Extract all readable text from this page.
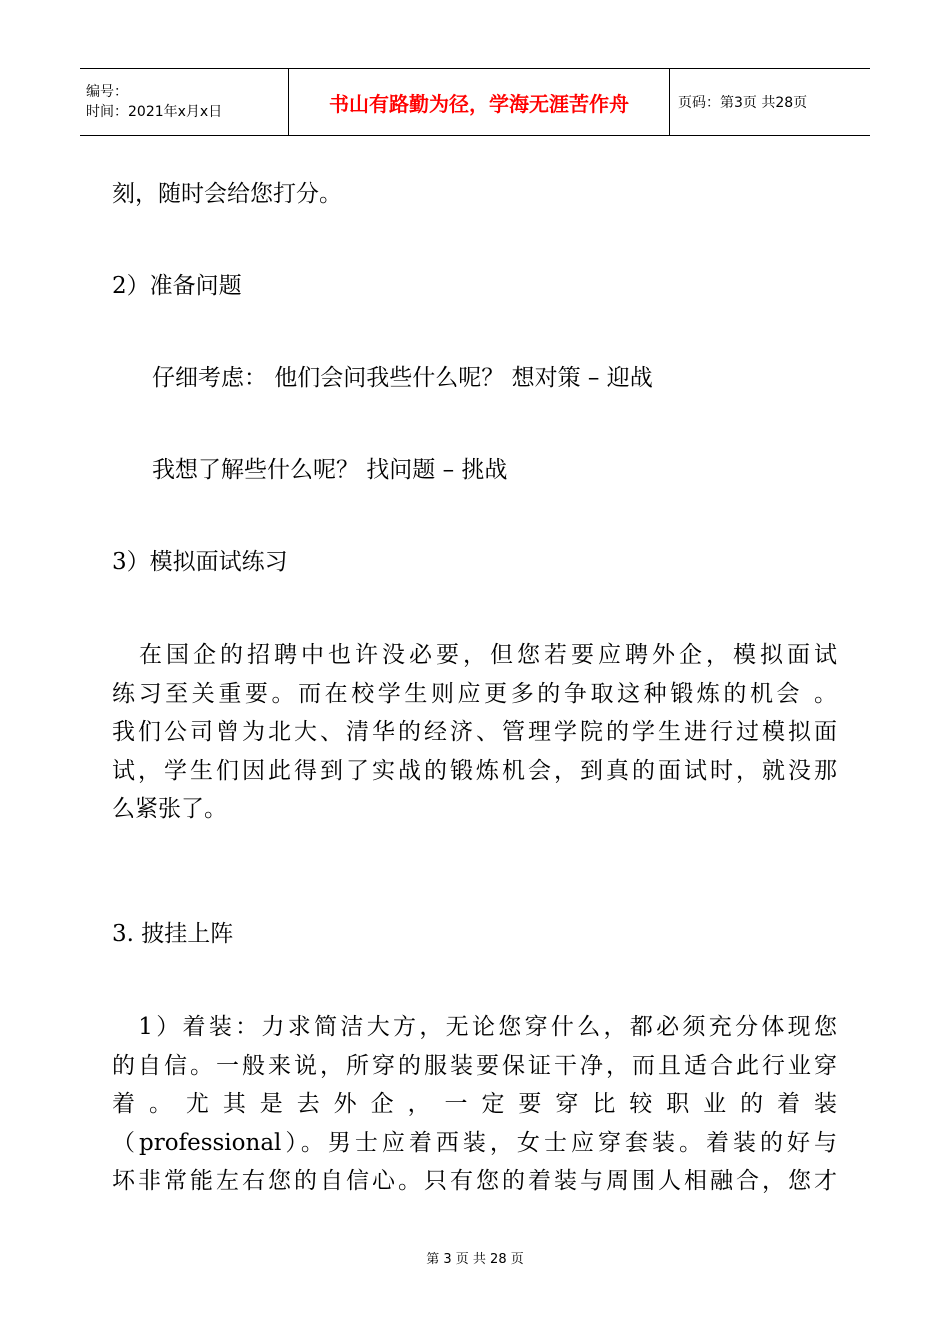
编号：
时间：2021年x月x日	书山有路勤为径，学海无涯苦作舟	页码：第3页 共28页
刻，随时会给您打分。
2）准备问题
仔细考虑： 他们会问我些什么呢？ 想对策 – 迎战
我想了解些什么呢？ 找问题 – 挑战
3）模拟面试练习

　在国企的招聘中也许没必要，但您若要应聘外企，模拟面试

练习至关重要。而在校学生则应更多的争取这种锻炼的机会 。

我们公司曾为北大、清华的经济、管理学院的学生进行过模拟面

试，学生们因此得到了实战的锻炼机会，到真的面试时，就没那

么紧张了。

3. 披挂上阵

　1）着装：力求简洁大方，无论您穿什么，都必须充分体现您

的自信。一般来说，所穿的服装要保证干净，而且适合此行业穿

着。尤其是去外企，一定要穿比较职业的着装

（professional）。男士应着西装，女士应穿套装。着装的好与

坏非常能左右您的自信心。只有您的着装与周围人相融合，您才

第 3 页 共 28 页
